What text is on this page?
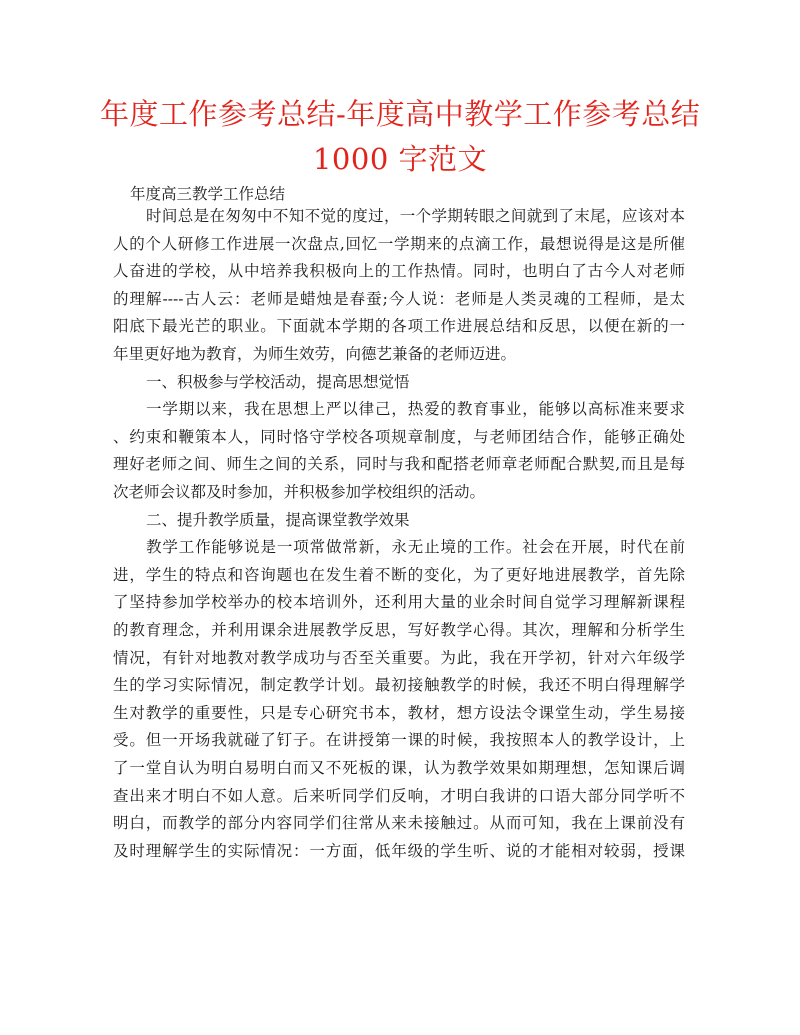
年度工作参考总结-年度高中教学工作参考总结
1000 字范文
年度高三教学工作总结
时间总是在匆匆中不知不觉的度过，一个学期转眼之间就到了末尾，应该对本
人的个人研修工作进展一次盘点,回忆一学期来的点滴工作，最想说得是这是所催
人奋进的学校，从中培养我积极向上的工作热情。同时，也明白了古今人对老师
的理解----古人云：老师是蜡烛是春蚕;今人说：老师是人类灵魂的工程师，是太
阳底下最光芒的职业。下面就本学期的各项工作进展总结和反思，以便在新的一
年里更好地为教育，为师生效劳，向德艺兼备的老师迈进。
一、积极参与学校活动，提高思想觉悟
一学期以来，我在思想上严以律己，热爱的教育事业，能够以高标准来要求
、约束和鞭策本人，同时恪守学校各项规章制度，与老师团结合作，能够正确处
理好老师之间、师生之间的关系，同时与我和配搭老师章老师配合默契,而且是每
次老师会议都及时参加，并积极参加学校组织的活动。
二、提升教学质量，提高课堂教学效果
教学工作能够说是一项常做常新，永无止境的工作。社会在开展，时代在前
进，学生的特点和咨询题也在发生着不断的变化，为了更好地进展教学，首先除
了坚持参加学校举办的校本培训外，还利用大量的业余时间自觉学习理解新课程
的教育理念，并利用课余进展教学反思，写好教学心得。其次，理解和分析学生
情况，有针对地教对教学成功与否至关重要。为此，我在开学初，针对六年级学
生的学习实际情况，制定教学计划。最初接触教学的时候，我还不明白得理解学
生对教学的重要性，只是专心研究书本，教材，想方设法令课堂生动，学生易接
受。但一开场我就碰了钉子。在讲授第一课的时候，我按照本人的教学设计，上
了一堂自认为明白易明白而又不死板的课，认为教学效果如期理想，怎知课后调
查出来才明白不如人意。后来听同学们反响，才明白我讲的口语大部分同学听不
明白，而教学的部分内容同学们往常从来未接触过。从而可知，我在上课前没有
及时理解学生的实际情况：一方面，低年级的学生听、说的才能相对较弱，授课
